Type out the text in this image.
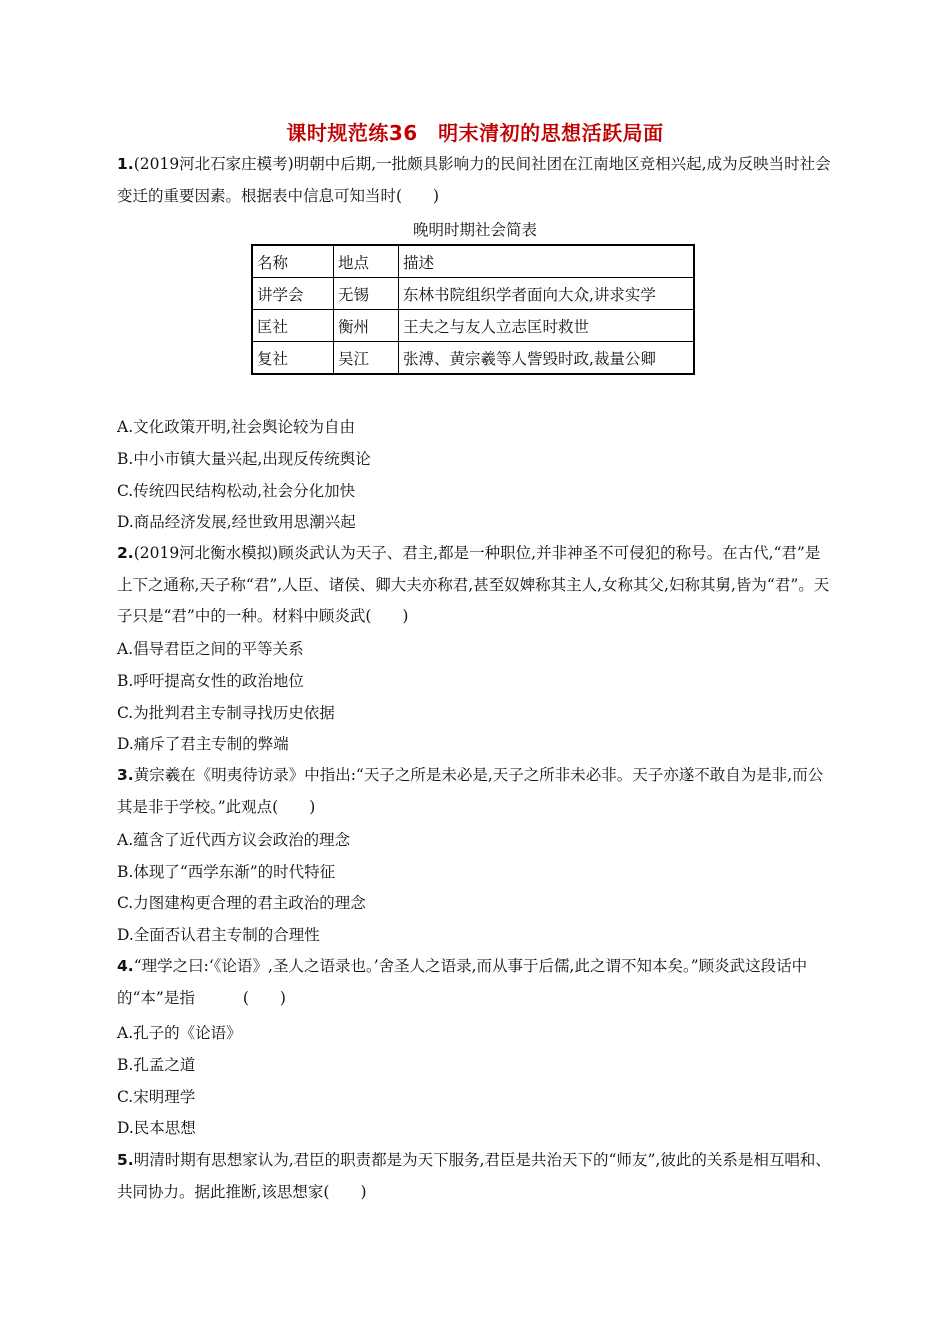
课时规范练36　明末清初的思想活跃局面
1.(2019河北石家庄模考)明朝中后期,一批颇具影响力的民间社团在江南地区竞相兴起,成为反映当时社会变迁的重要因素。根据表中信息可知当时(　　)
晚明时期社会简表
名称	地点	描述
讲学会	无锡	东林书院组织学者面向大众,讲求实学
匡社	衡州	王夫之与友人立志匡时救世
复社	吴江	张溥、黄宗羲等人訾毁时政,裁量公卿
A.文化政策开明,社会舆论较为自由
B.中小市镇大量兴起,出现反传统舆论
C.传统四民结构松动,社会分化加快
D.商品经济发展,经世致用思潮兴起
2.(2019河北衡水模拟)顾炎武认为天子、君主,都是一种职位,并非神圣不可侵犯的称号。在古代,“君”是上下之通称,天子称“君”,人臣、诸侯、卿大夫亦称君,甚至奴婢称其主人,女称其父,妇称其舅,皆为“君”。天子只是“君”中的一种。材料中顾炎武(　　)
A.倡导君臣之间的平等关系
B.呼吁提高女性的政治地位
C.为批判君主专制寻找历史依据
D.痛斥了君主专制的弊端
3.黄宗羲在《明夷待访录》中指出:“天子之所是未必是,天子之所非未必非。天子亦遂不敢自为是非,而公其是非于学校。”此观点(　　)
A.蕴含了近代西方议会政治的理念
B.体现了“西学东渐”的时代特征
C.力图建构更合理的君主政治的理念
D.全面否认君主专制的合理性
4.“理学之曰:‘《论语》,圣人之语录也。’舍圣人之语录,而从事于后儒,此之谓不知本矣。”顾炎武这段话中的“本”是指	(　　)
A.孔子的《论语》
B.孔孟之道
C.宋明理学
D.民本思想
5.明清时期有思想家认为,君臣的职责都是为天下服务,君臣是共治天下的“师友”,彼此的关系是相互唱和、共同协力。据此推断,该思想家(　　)
